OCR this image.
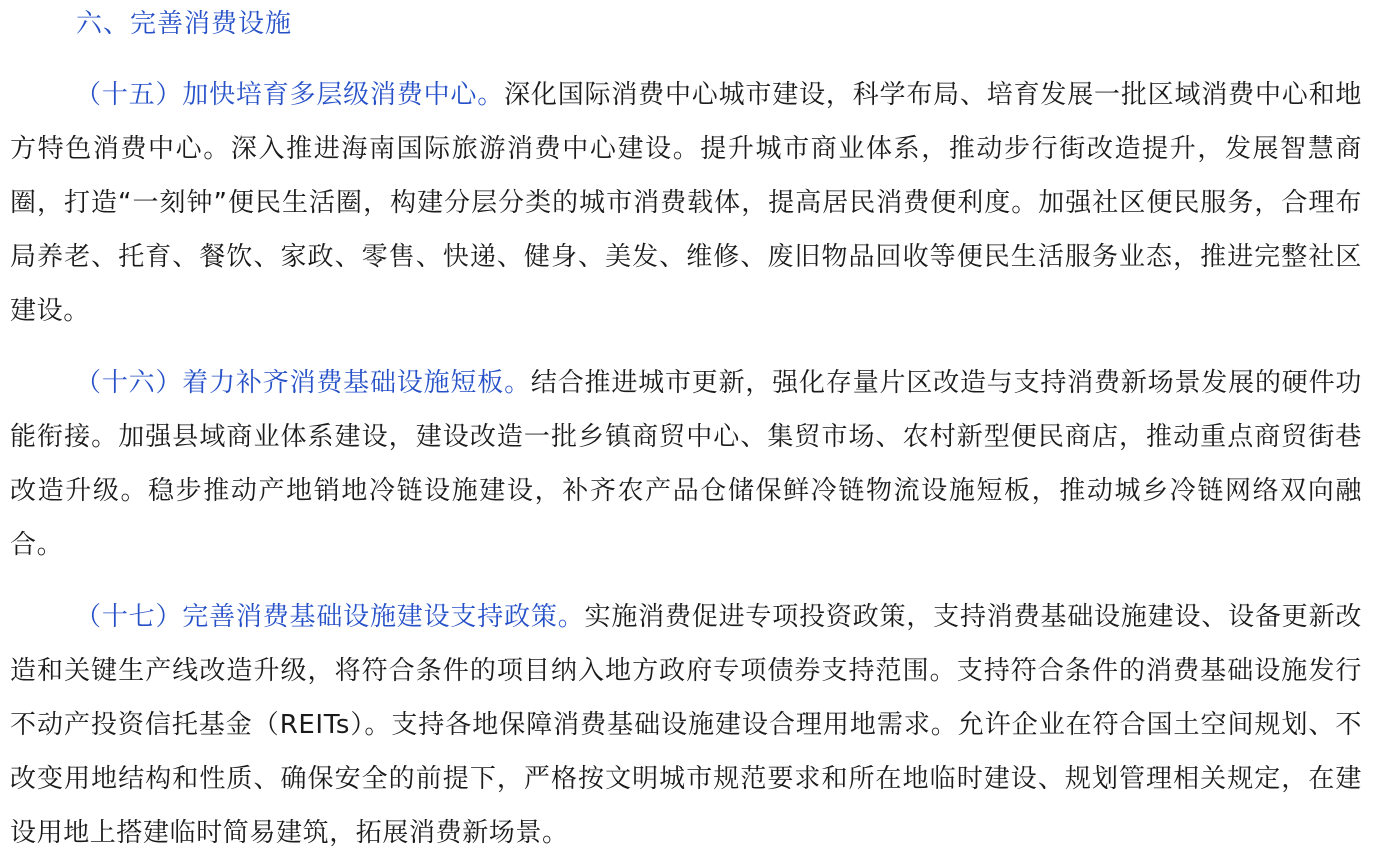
六、完善消费设施

（十五）加快培育多层级消费中心。深化国际消费中心城市建设，科学布局、培育发展一批区域消费中心和地方特色消费中心。深入推进海南国际旅游消费中心建设。提升城市商业体系，推动步行街改造提升，发展智慧商圈，打造“一刻钟”便民生活圈，构建分层分类的城市消费载体，提高居民消费便利度。加强社区便民服务，合理布局养老、托育、餐饮、家政、零售、快递、健身、美发、维修、废旧物品回收等便民生活服务业态，推进完整社区建设。

（十六）着力补齐消费基础设施短板。结合推进城市更新，强化存量片区改造与支持消费新场景发展的硬件功能衔接。加强县域商业体系建设，建设改造一批乡镇商贸中心、集贸市场、农村新型便民商店，推动重点商贸街巷改造升级。稳步推动产地销地冷链设施建设，补齐农产品仓储保鲜冷链物流设施短板，推动城乡冷链网络双向融合。

（十七）完善消费基础设施建设支持政策。实施消费促进专项投资政策，支持消费基础设施建设、设备更新改造和关键生产线改造升级，将符合条件的项目纳入地方政府专项债券支持范围。支持符合条件的消费基础设施发行不动产投资信托基金（REITs）。支持各地保障消费基础设施建设合理用地需求。允许企业在符合国土空间规划、不改变用地结构和性质、确保安全的前提下，严格按文明城市规范要求和所在地临时建设、规划管理相关规定，在建设用地上搭建临时简易建筑，拓展消费新场景。
